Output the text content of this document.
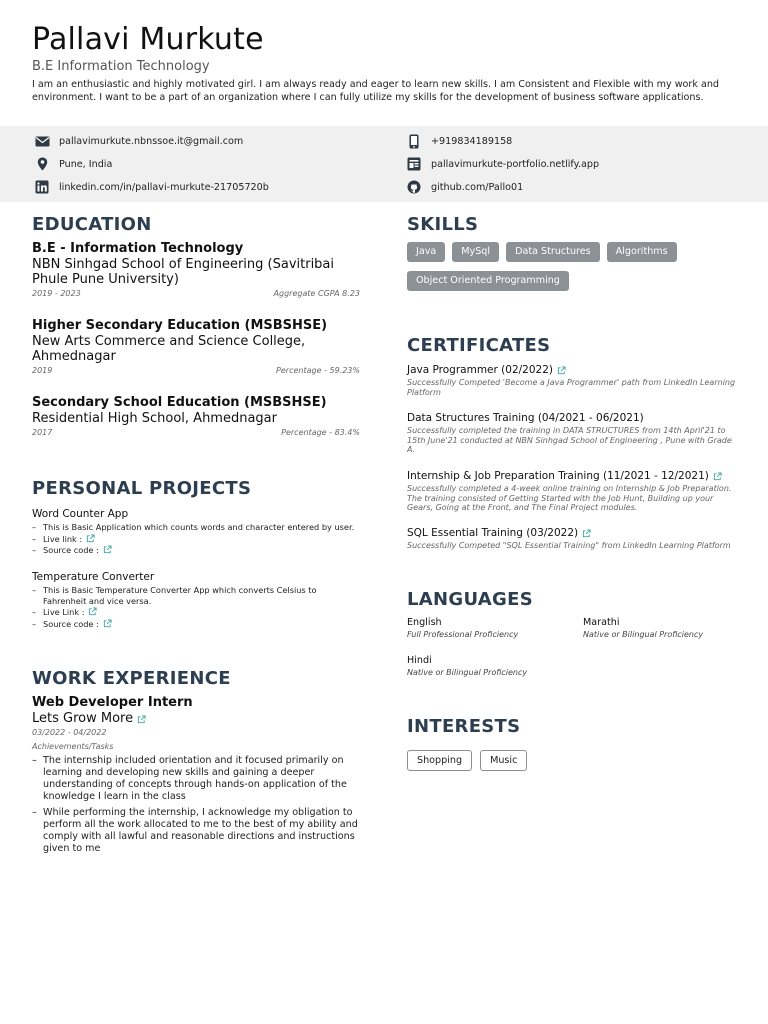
Pallavi Murkute
B.E Information Technology
I am an enthusiastic and highly motivated girl. I am always ready and eager to learn new skills. I am Consistent and Flexible with my work and environment. I want to be a part of an organization where I can fully utilize my skills for the development of business software applications.
pallavimurkute.nbnssoe.it@gmail.com	+919834189158
Pune, India	pallavimurkute-portfolio.netlify.app
linkedin.com/in/pallavi-murkute-21705720b	github.com/Pallo01
EDUCATION
B.E - Information Technology
NBN Sinhgad School of Engineering (Savitribai Phule Pune University)
2019 - 2023	Aggregate CGPA 8.23
Higher Secondary Education (MSBSHSE)
New Arts Commerce and Science College, Ahmednagar
2019	Percentage - 59.23%
Secondary School Education (MSBSHSE)
Residential High School, Ahmednagar
2017	Percentage - 83.4%
PERSONAL PROJECTS
Word Counter App
– This is Basic Application which counts words and character entered by user.
– Live link :
– Source code :
Temperature Converter
– This is Basic Temperature Converter App which converts Celsius to Fahrenheit and vice versa.
– Live Link :
– Source code :
WORK EXPERIENCE
Web Developer Intern
Lets Grow More
03/2022 - 04/2022
Achievements/Tasks
– The internship included orientation and it focused primarily on learning and developing new skills and gaining a deeper understanding of concepts through hands-on application of the knowledge I learn in the class
– While performing the internship, I acknowledge my obligation to perform all the work allocated to me to the best of my ability and comply with all lawful and reasonable directions and instructions given to me
SKILLS
Java	MySql	Data Structures	Algorithms
Object Oriented Programming
CERTIFICATES
Java Programmer (02/2022)
Successfully Competed 'Become a Java Programmer' path from LinkedIn Learning Platform
Data Structures Training (04/2021 - 06/2021)
Successfully completed the training in DATA STRUCTURES from 14th April'21 to 15th June'21 conducted at NBN Sinhgad School of Engineering , Pune with Grade A.
Internship & Job Preparation Training (11/2021 - 12/2021)
Successfully completed a 4-week online training on Internship & Job Preparation. The training consisted of Getting Started with the Job Hunt, Building up your Gears, Going at the Front, and The Final Project modules.
SQL Essential Training (03/2022)
Successfully Competed "SQL Essential Training" from LinkedIn Learning Platform
LANGUAGES
English
Full Professional Proficiency
Marathi
Native or Bilingual Proficiency
Hindi
Native or Bilingual Proficiency
INTERESTS
Shopping	Music
